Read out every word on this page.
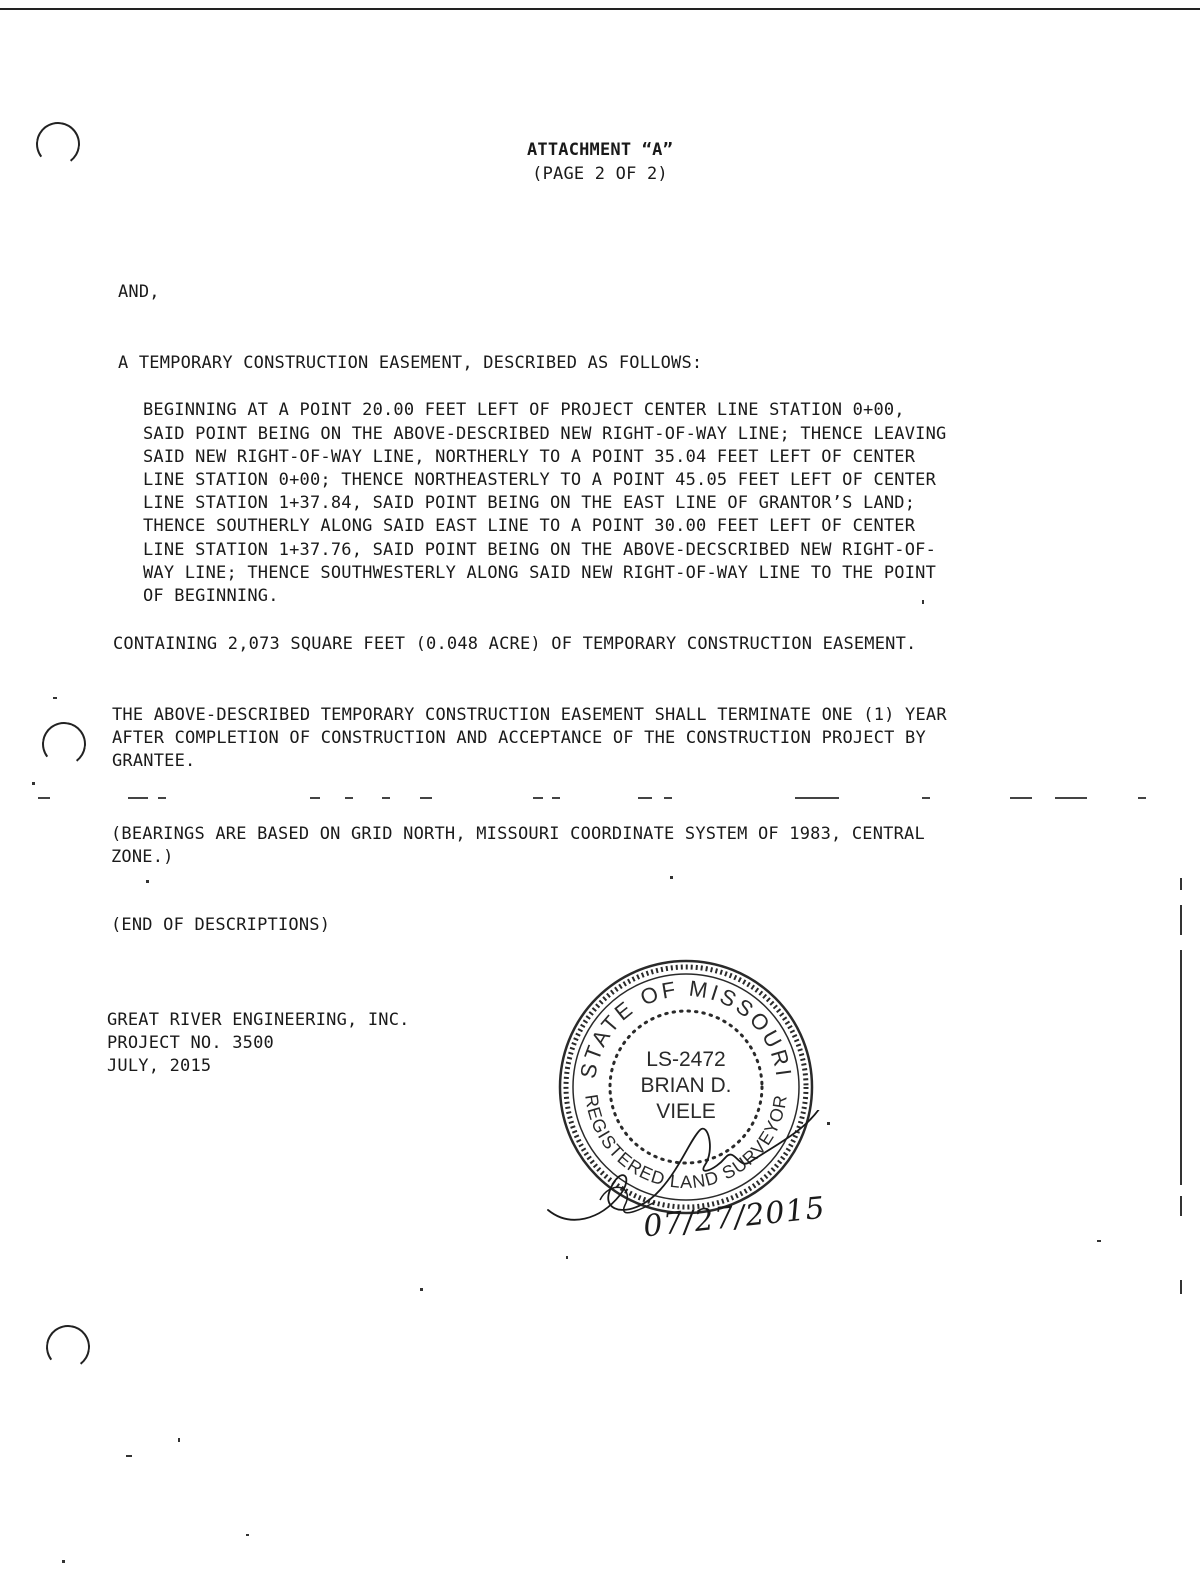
ATTACHMENT “A”
(PAGE 2 OF 2)
AND,
A TEMPORARY CONSTRUCTION EASEMENT, DESCRIBED AS FOLLOWS:
BEGINNING AT A POINT 20.00 FEET LEFT OF PROJECT CENTER LINE STATION 0+00,
SAID POINT BEING ON THE ABOVE-DESCRIBED NEW RIGHT-OF-WAY LINE; THENCE LEAVING
SAID NEW RIGHT-OF-WAY LINE, NORTHERLY TO A POINT 35.04 FEET LEFT OF CENTER
LINE STATION 0+00; THENCE NORTHEASTERLY TO A POINT 45.05 FEET LEFT OF CENTER
LINE STATION 1+37.84, SAID POINT BEING ON THE EAST LINE OF GRANTOR’S LAND;
THENCE SOUTHERLY ALONG SAID EAST LINE TO A POINT 30.00 FEET LEFT OF CENTER
LINE STATION 1+37.76, SAID POINT BEING ON THE ABOVE-DECSCRIBED NEW RIGHT-OF-
WAY LINE; THENCE SOUTHWESTERLY ALONG SAID NEW RIGHT-OF-WAY LINE TO THE POINT
OF BEGINNING.
CONTAINING 2,073 SQUARE FEET (0.048 ACRE) OF TEMPORARY CONSTRUCTION EASEMENT.
THE ABOVE-DESCRIBED TEMPORARY CONSTRUCTION EASEMENT SHALL TERMINATE ONE (1) YEAR
AFTER COMPLETION OF CONSTRUCTION AND ACCEPTANCE OF THE CONSTRUCTION PROJECT BY
GRANTEE.
(BEARINGS ARE BASED ON GRID NORTH, MISSOURI COORDINATE SYSTEM OF 1983, CENTRAL
ZONE.)
(END OF DESCRIPTIONS)
GREAT RIVER ENGINEERING, INC.
PROJECT NO. 3500
JULY, 2015	STATE OF MISSOURI
REGISTERED LAND SURVEYOR
LS-2472
BRIAN D.
VIELE
07/27/2015
